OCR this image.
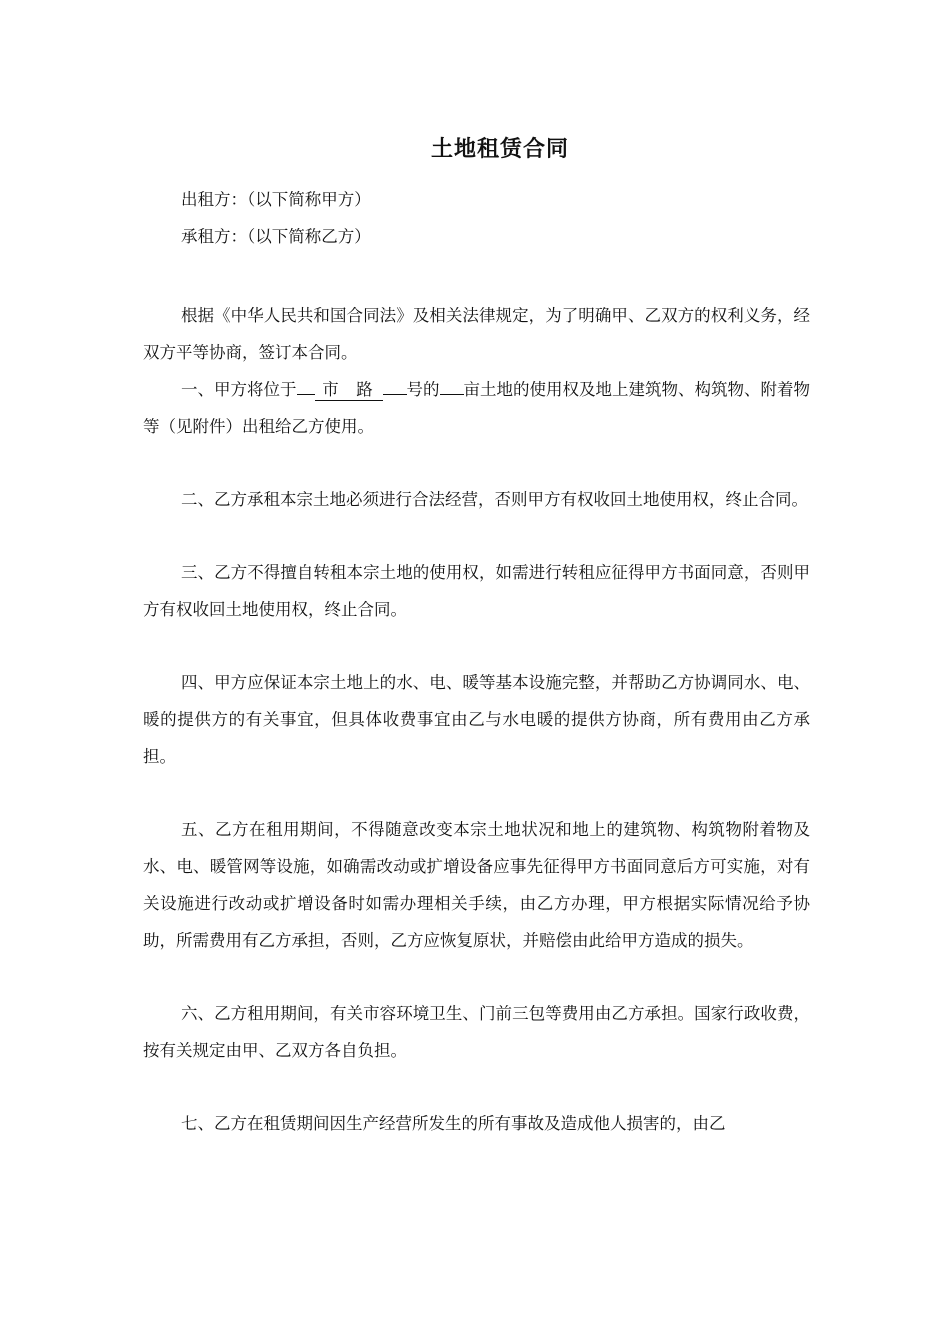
土地租赁合同

出租方：（以下简称甲方）

承租方：（以下简称乙方）

根据《中华人民共和国合同法》及相关法律规定，为了明确甲、乙双方的权利义务，经双方平等协商，签订本合同。

一、甲方将位于 市 路 号的 亩土地的使用权及地上建筑物、构筑物、附着物等（见附件）出租给乙方使用。

二、乙方承租本宗土地必须进行合法经营，否则甲方有权收回土地使用权，终止合同。

三、乙方不得擅自转租本宗土地的使用权，如需进行转租应征得甲方书面同意，否则甲方有权收回土地使用权，终止合同。

四、甲方应保证本宗土地上的水、电、暖等基本设施完整，并帮助乙方协调同水、电、暖的提供方的有关事宜，但具体收费事宜由乙与水电暖的提供方协商，所有费用由乙方承担。

五、乙方在租用期间，不得随意改变本宗土地状况和地上的建筑物、构筑物附着物及水、电、暖管网等设施，如确需改动或扩增设备应事先征得甲方书面同意后方可实施，对有关设施进行改动或扩增设备时如需办理相关手续，由乙方办理，甲方根据实际情况给予协助，所需费用有乙方承担，否则，乙方应恢复原状，并赔偿由此给甲方造成的损失。

六、乙方租用期间，有关市容环境卫生、门前三包等费用由乙方承担。国家行政收费，按有关规定由甲、乙双方各自负担。

七、乙方在租赁期间因生产经营所发生的所有事故及造成他人损害的，由乙
